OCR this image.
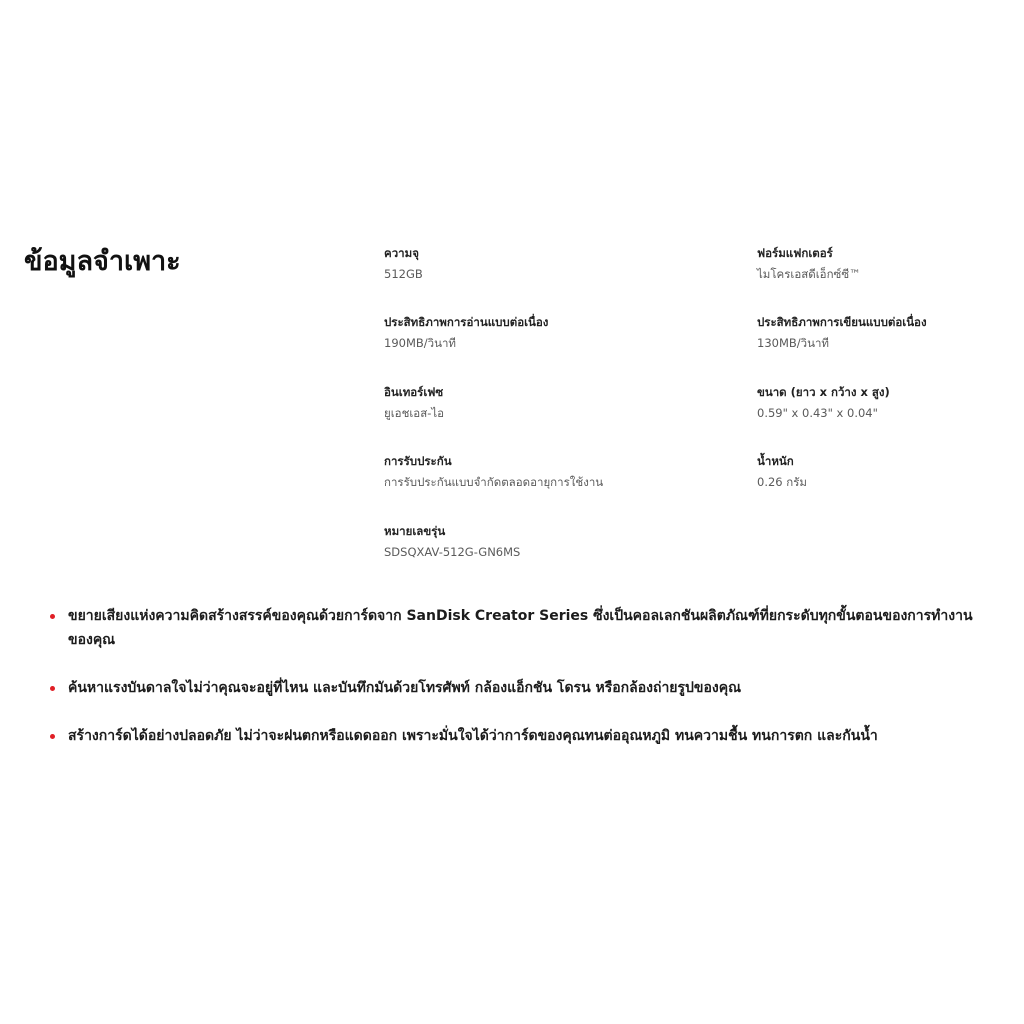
ข้อมูลจำเพาะ	ความจุ
512GB
ฟอร์มแฟกเตอร์
ไมโครเอสดีเอ็กซ์ซี™
ประสิทธิภาพการอ่านแบบต่อเนื่อง
190MB/วินาที
ประสิทธิภาพการเขียนแบบต่อเนื่อง
130MB/วินาที
อินเทอร์เฟซ
ยูเอชเอส-ไอ
ขนาด (ยาว x กว้าง x สูง)
0.59" x 0.43" x 0.04"
การรับประกัน
การรับประกันแบบจำกัดตลอดอายุการใช้งาน
น้ำหนัก
0.26 กรัม
หมายเลขรุ่น
SDSQXAV-512G-GN6MS
ขยายเสียงแห่งความคิดสร้างสรรค์ของคุณด้วยการ์ดจาก SanDisk Creator Series ซึ่งเป็นคอลเลกชันผลิตภัณฑ์ที่ยกระดับทุกขั้นตอนของการทำงานของคุณ
ค้นหาแรงบันดาลใจไม่ว่าคุณจะอยู่ที่ไหน และบันทึกมันด้วยโทรศัพท์ กล้องแอ็กชัน โดรน หรือกล้องถ่ายรูปของคุณ
สร้างการ์ดได้อย่างปลอดภัย ไม่ว่าจะฝนตกหรือแดดออก เพราะมั่นใจได้ว่าการ์ดของคุณทนต่ออุณหภูมิ ทนความชื้น ทนการตก และกันน้ำ
